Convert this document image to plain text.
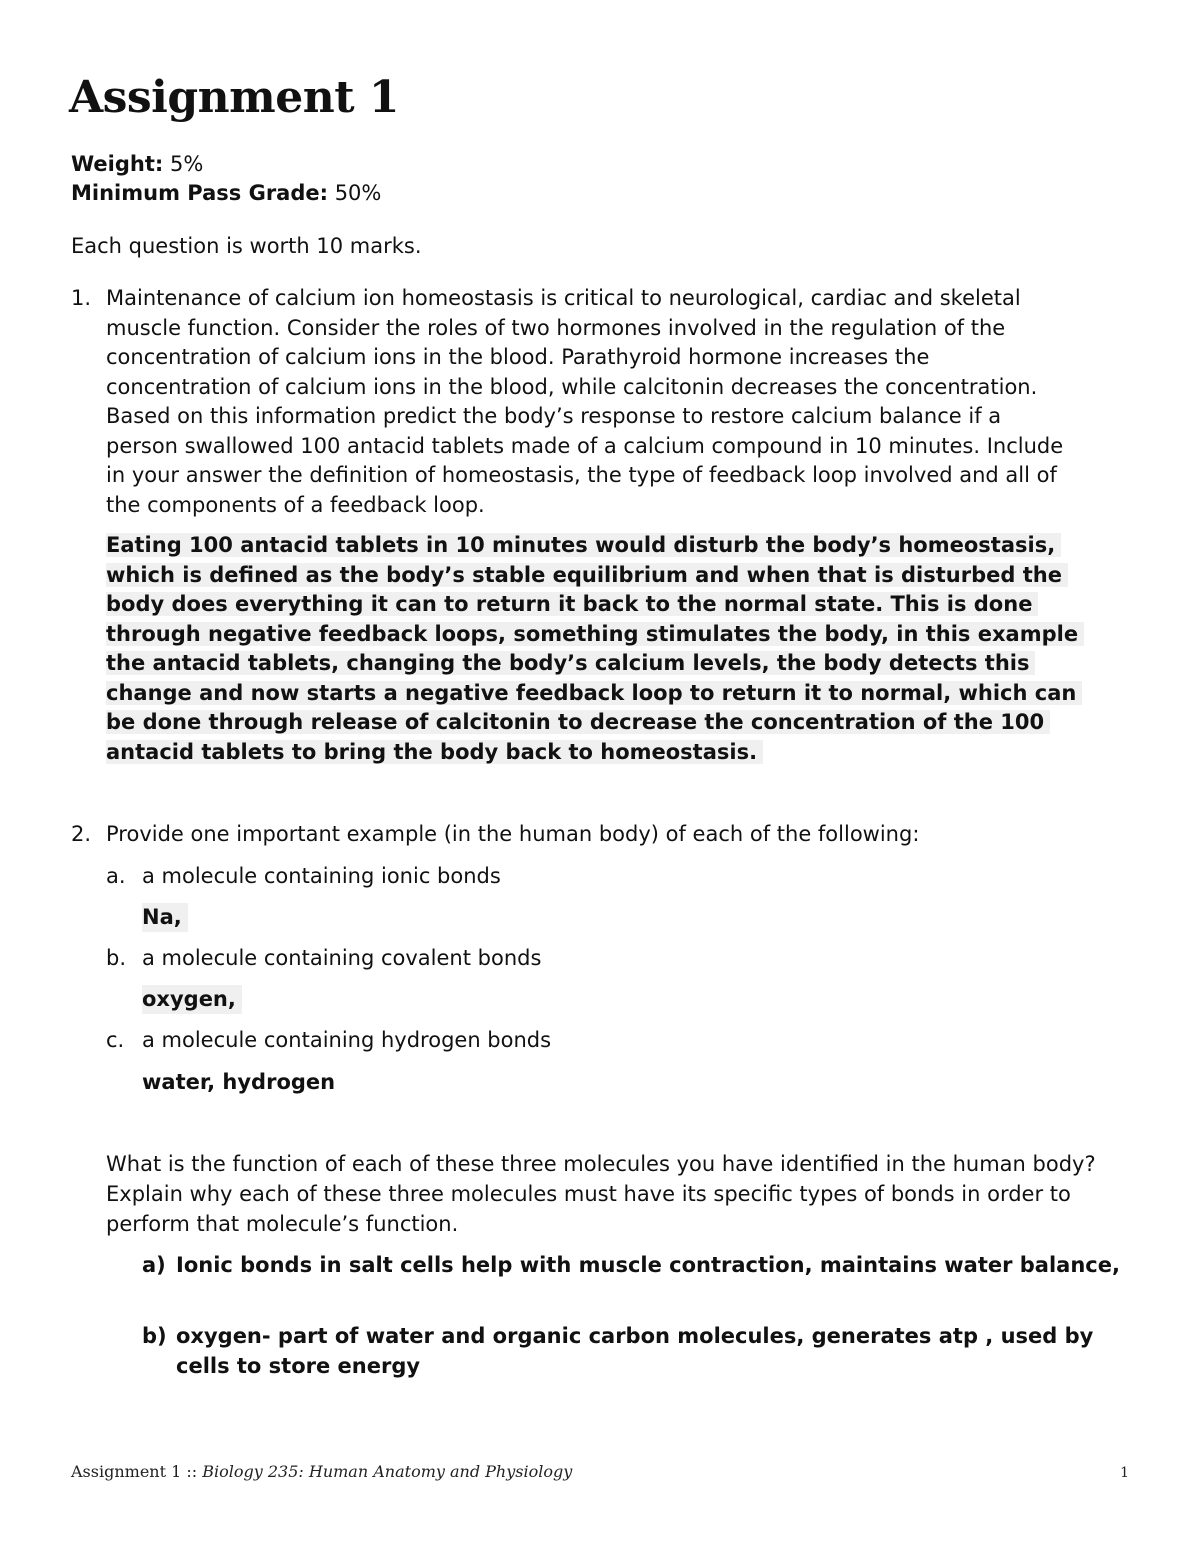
Assignment 1
Weight: 5%
Minimum Pass Grade: 50%
Each question is worth 10 marks.
1. Maintenance of calcium ion homeostasis is critical to neurological, cardiac and skeletal muscle function. Consider the roles of two hormones involved in the regulation of the concentration of calcium ions in the blood. Parathyroid hormone increases the concentration of calcium ions in the blood, while calcitonin decreases the concentration. Based on this information predict the body’s response to restore calcium balance if a person swallowed 100 antacid tablets made of a calcium compound in 10 minutes. Include in your answer the definition of homeostasis, the type of feedback loop involved and all of the components of a feedback loop.

Eating 100 antacid tablets in 10 minutes would disturb the body’s homeostasis, which is defined as the body’s stable equilibrium and when that is disturbed the body does everything it can to return it back to the normal state. This is done through negative feedback loops, something stimulates the body, in this example the antacid tablets, changing the body’s calcium levels, the body detects this change and now starts a negative feedback loop to return it to normal, which can be done through release of calcitonin to decrease the concentration of the 100 antacid tablets to bring the body back to homeostasis.

2. Provide one important example (in the human body) of each of the following:

a. a molecule containing ionic bonds
Na,
b. a molecule containing covalent bonds
oxygen,
c. a molecule containing hydrogen bonds
water, hydrogen

What is the function of each of these three molecules you have identified in the human body? Explain why each of these three molecules must have its specific types of bonds in order to perform that molecule’s function.

a) Ionic bonds in salt cells help with muscle contraction, maintains water balance,

b) oxygen- part of water and organic carbon molecules, generates atp , used by cells to store energy

Assignment 1 :: Biology 235: Human Anatomy and Physiology	1
